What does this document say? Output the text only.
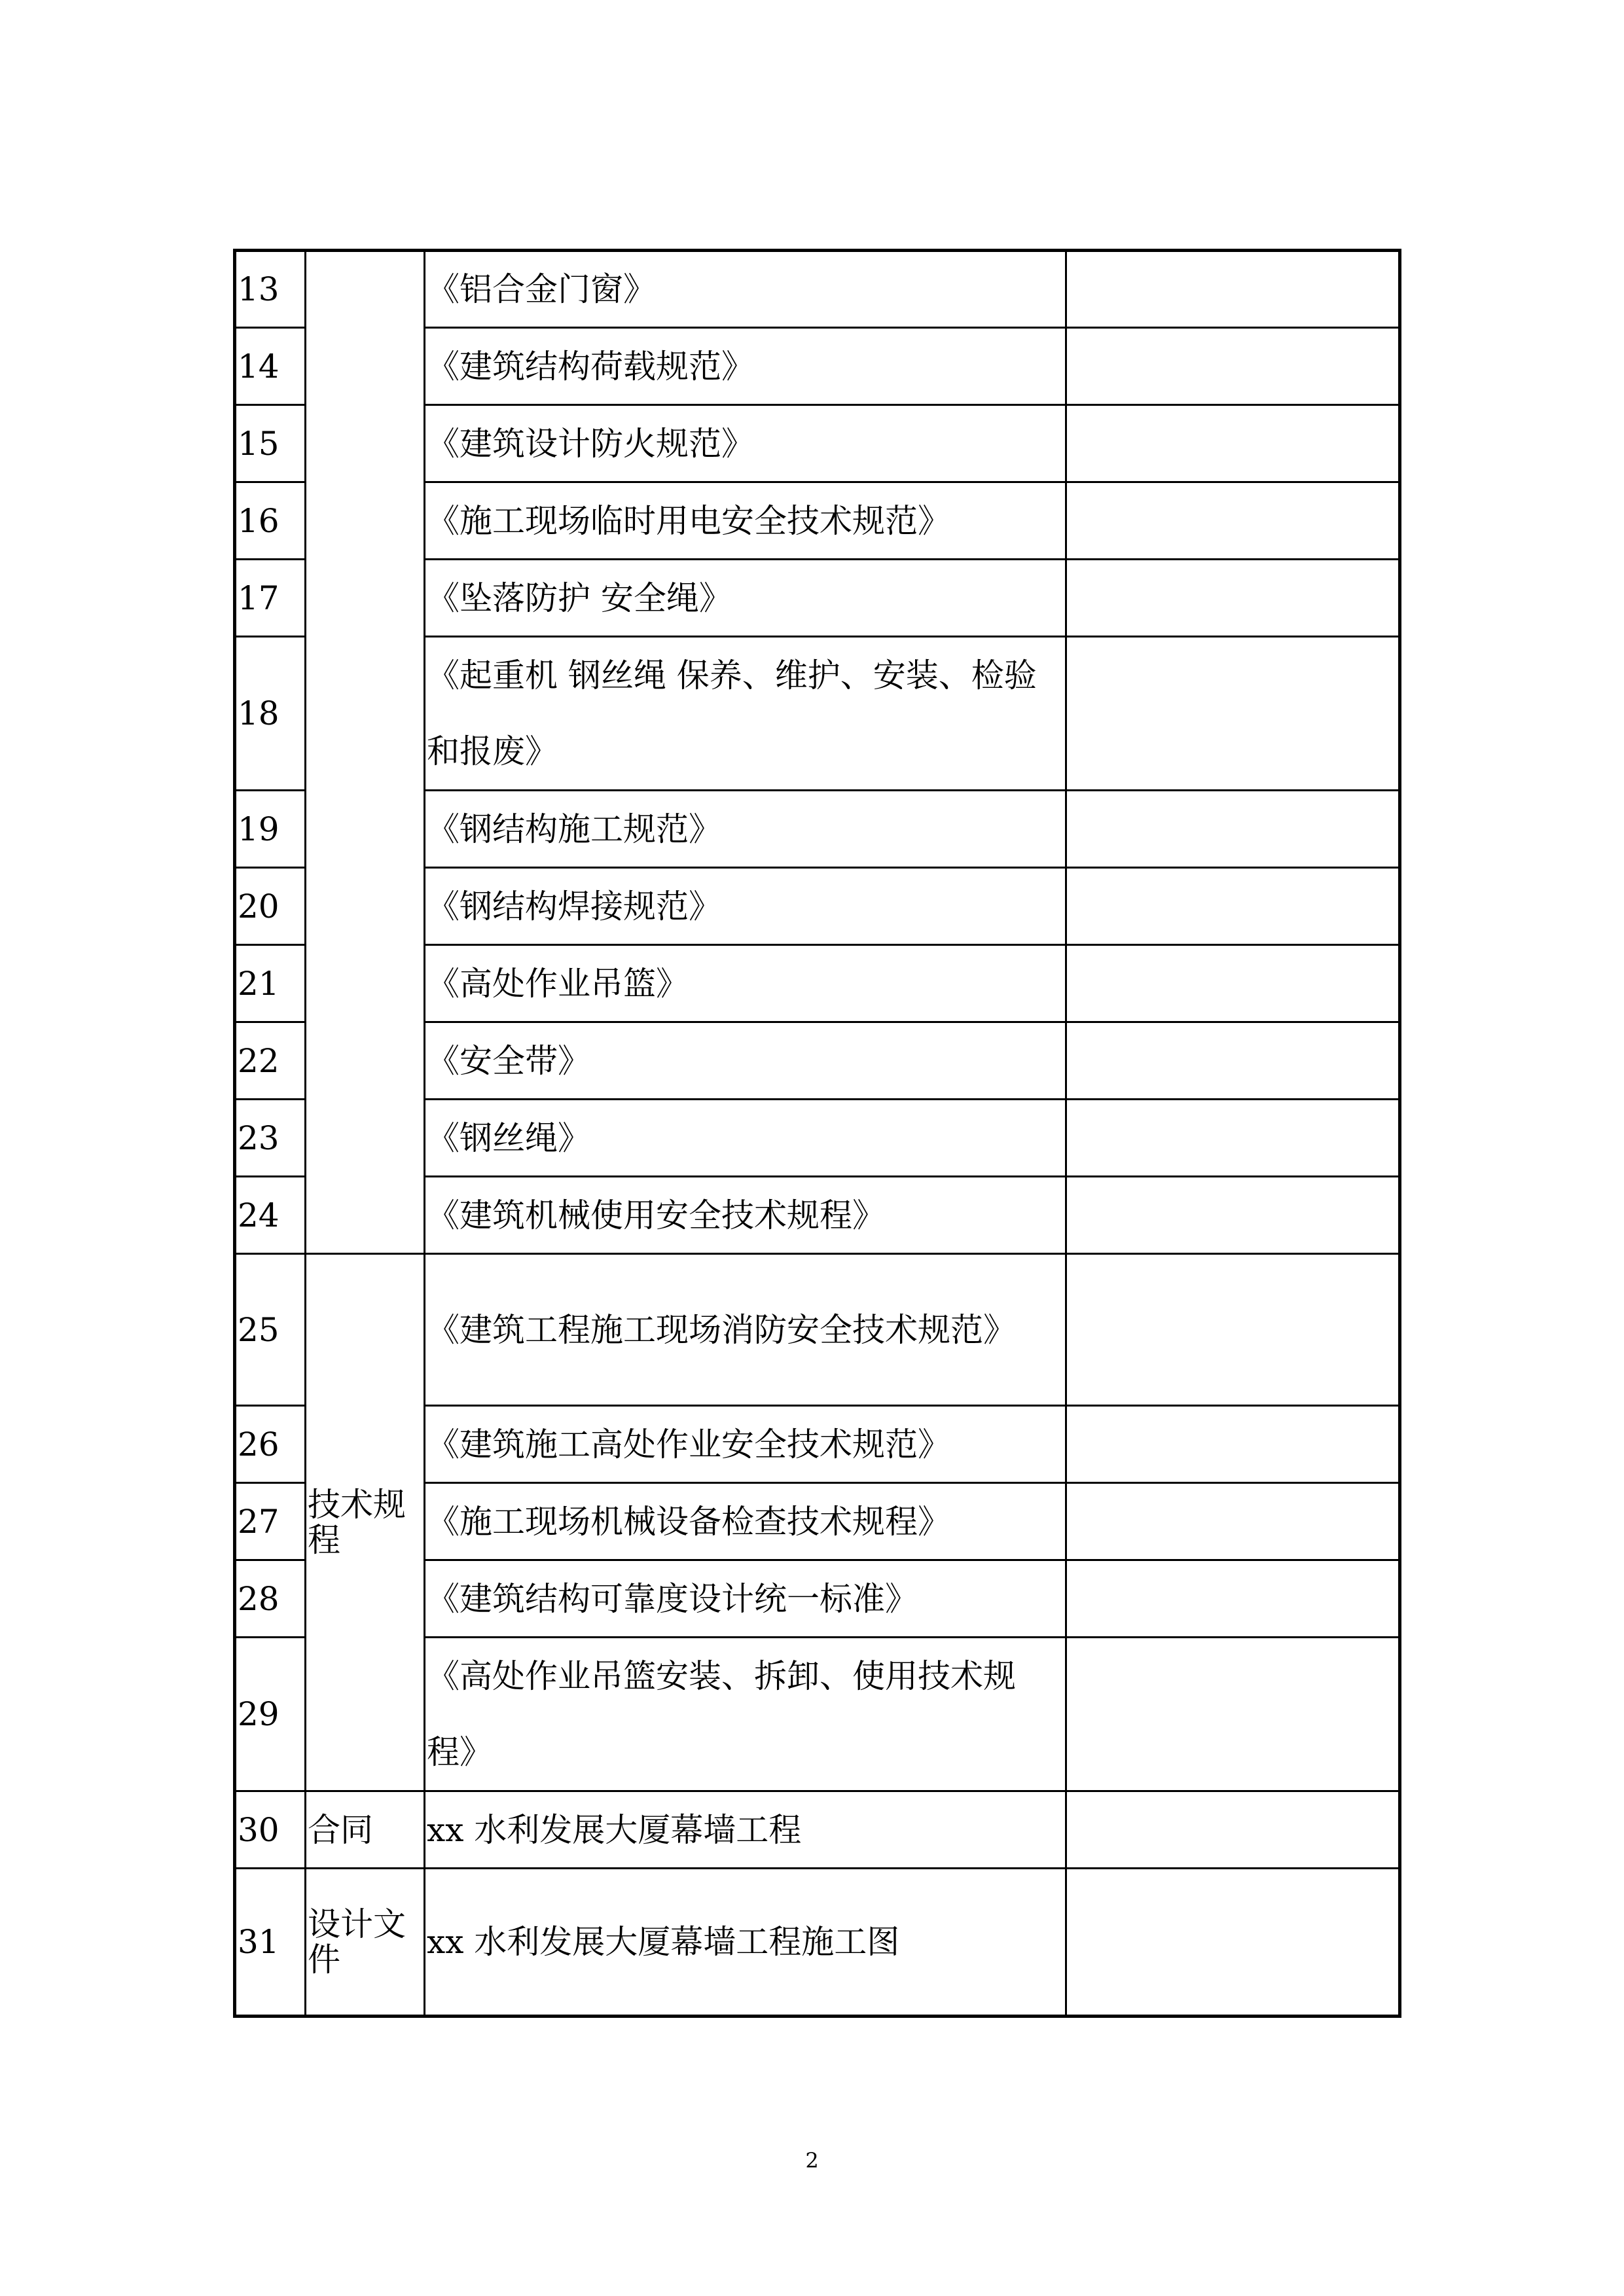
13		《铝合金门窗》	
14		《建筑结构荷载规范》	
15		《建筑设计防火规范》	
16		《施工现场临时用电安全技术规范》	
17		《坠落防护 安全绳》	
18		《起重机 钢丝绳 保养、维护、安装、检验和报废》	
19		《钢结构施工规范》	
20		《钢结构焊接规范》	
21		《高处作业吊篮》	
22		《安全带》	
23		《钢丝绳》	
24		《建筑机械使用安全技术规程》	
25	技术规程	《建筑工程施工现场消防安全技术规范》	
26		《建筑施工高处作业安全技术规范》	
27		《施工现场机械设备检查技术规程》	
28		《建筑结构可靠度设计统一标准》	
29		《高处作业吊篮安装、拆卸、使用技术规程》	
30	合同	xx 水利发展大厦幕墙工程	
31	设计文件	xx 水利发展大厦幕墙工程施工图	
2
